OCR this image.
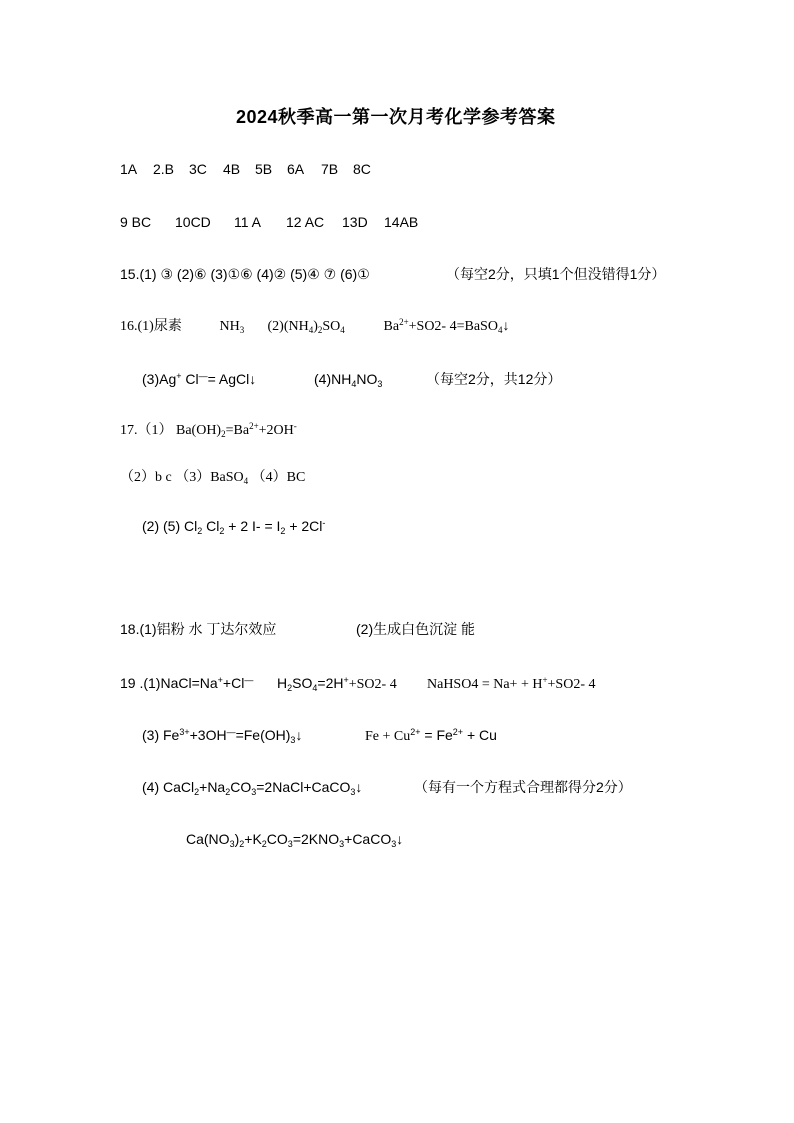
2024秋季高一第一次月考化学参考答案
1A 2.B 3C 4B 5B 6A 7B 8C
9 BC 10CD 11 A 12 AC 13D 14AB
15.(1) ③ (2)⑥ (3)①⑥ (4)② (5)④ ⑦ (6)①	（每空2分，只填1个但没错得1分）
16.(1)尿素	$NH_3$ $(2)(NH_4)_2SO_4$	$Ba^{2+}+SO2-$ 4=BaSO$_4$↓
(3)Ag+ Cl—= AgCl↓	$(4)NH_4NO_3$	（每空2分，共12分）
17.（1） $Ba(OH)_2=Ba^{2+}+2OH^-$
（2）b c （3）BaSO$_4$ （4）BC
(2) (5) $Cl_2$ $Cl_2 + 2$ $I- = I_2 + 2Cl^-$
18.(1)铝粉 水 丁达尔效应	(2)生成白色沉淀 能
19 .(1)NaCl=Na++Cl— $H_2SO_4=2H^++SO2-$ 4 NaHSO4 = Na+ + H++SO2- 4
(3) $Fe^{3+}+3OH^—=Fe(OH)_3↓$	$Fe + Cu^{2+} = Fe^{2+} + Cu$
(4) $CaCl_2+Na_2CO_3=2NaCl+CaCO_3↓$	（每有一个方程式合理都得分2分）
$Ca(NO_3)_2+K_2CO_3=2KNO_3+CaCO_3↓$
